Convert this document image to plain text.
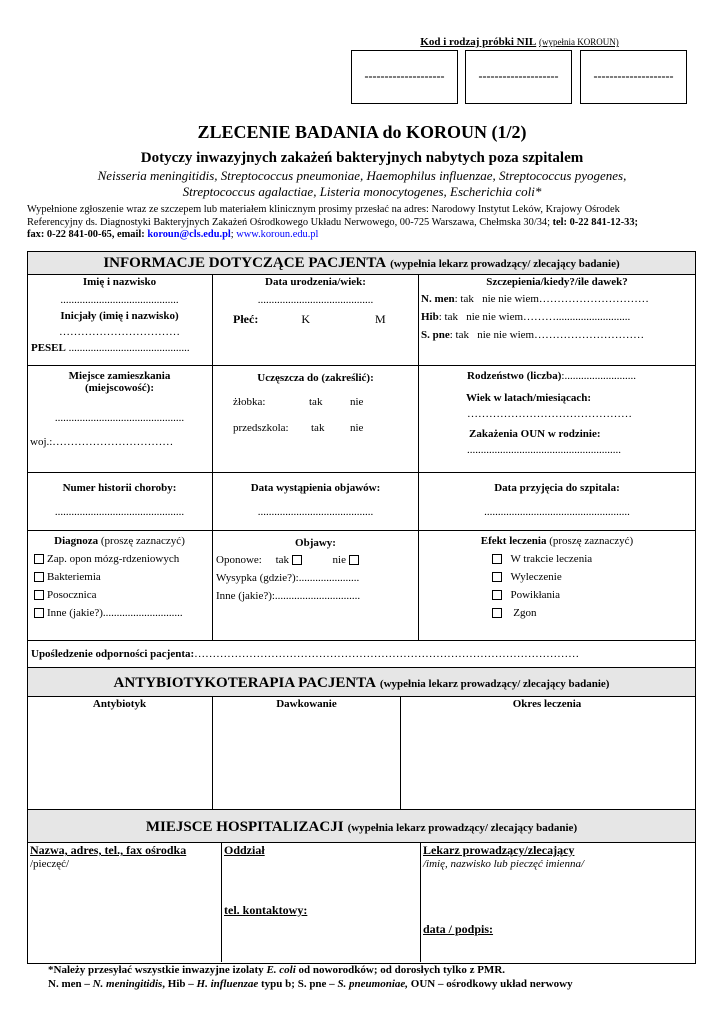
Kod i rodzaj próbki NIL (wypełnia KOROUN)
--------------------	--------------------	--------------------
ZLECENIE BADANIA do KOROUN (1/2)
Dotyczy inwazyjnych zakażeń bakteryjnych nabytych poza szpitalem
Neisseria meningitidis, Streptococcus pneumoniae, Haemophilus influenzae, Streptococcus pyogenes,
Streptococcus agalactiae, Listeria monocytogenes, Escherichia coli*
Wypełnione zgłoszenie wraz ze szczepem lub materiałem klinicznym prosimy przesłać na adres: Narodowy Instytut Leków, Krajowy Ośrodek
Referencyjny ds. Diagnostyki Bakteryjnych Zakażeń Ośrodkowego Układu Nerwowego, 00-725 Warszawa, Chełmska 30/34; tel: 0-22 841-12-33;
fax: 0-22 841-00-65, email: koroun@cls.edu.pl; www.koroun.edu.pl
INFORMACJE DOTYCZĄCE PACJENTA (wypełnia lekarz prowadzący/ zlecający badanie)
Imię i nazwisko
...........................................
Inicjały (imię i nazwisko)
……………………………
PESEL ............................................
Data urodzenia/wiek:
..........................................
Płeć:	K	M
Szczepienia/kiedy?/ile dawek?
N. men: tak nie nie wiem…………………………
Hib: tak nie nie wiem………...........................
S. pne: tak nie nie wiem…………………………
Miejsce zamieszkania
(miejscowość):
...............................................
woj.:……………………………
Uczęszcza do (zakreślić):
żłobka:	tak	nie
przedszkola: tak nie
Rodzeństwo (liczba):..........................
Wiek w latach/miesiącach:
………………………………………
Zakażenia OUN w rodzinie:
........................................................
Numer historii choroby:
...............................................
Data wystąpienia objawów:
..........................................
Data przyjęcia do szpitala:
.....................................................
Diagnoza (proszę zaznaczyć)
Zap. opon mózg-rdzeniowych
Bakteriemia
Posocznica
Inne (jakie?).............................
Objawy:
Oponowe: tak	nie
Wysypka (gdzie?):......................
Inne (jakie?):...............................
Efekt leczenia (proszę zaznaczyć)
W trakcie leczenia
Wyleczenie
Powikłania
Zgon
Upośledzenie odporności pacjenta:……………………………………………………………………………………………
ANTYBIOTYKOTERAPIA PACJENTA (wypełnia lekarz prowadzący/ zlecający badanie)
Antybiotyk	Dawkowanie	Okres leczenia
MIEJSCE HOSPITALIZACJI (wypełnia lekarz prowadzący/ zlecający badanie)
Nazwa, adres, tel., fax ośrodka
/pieczęć/
Oddział
tel. kontaktowy:
Lekarz prowadzący/zlecający
/imię, nazwisko lub pieczęć imienna/
data / podpis:
*Należy przesyłać wszystkie inwazyjne izolaty E. coli od noworodków; od dorosłych tylko z PMR.
N. men – N. meningitidis, Hib – H. influenzae typu b; S. pne – S. pneumoniae, OUN – ośrodkowy układ nerwowy
